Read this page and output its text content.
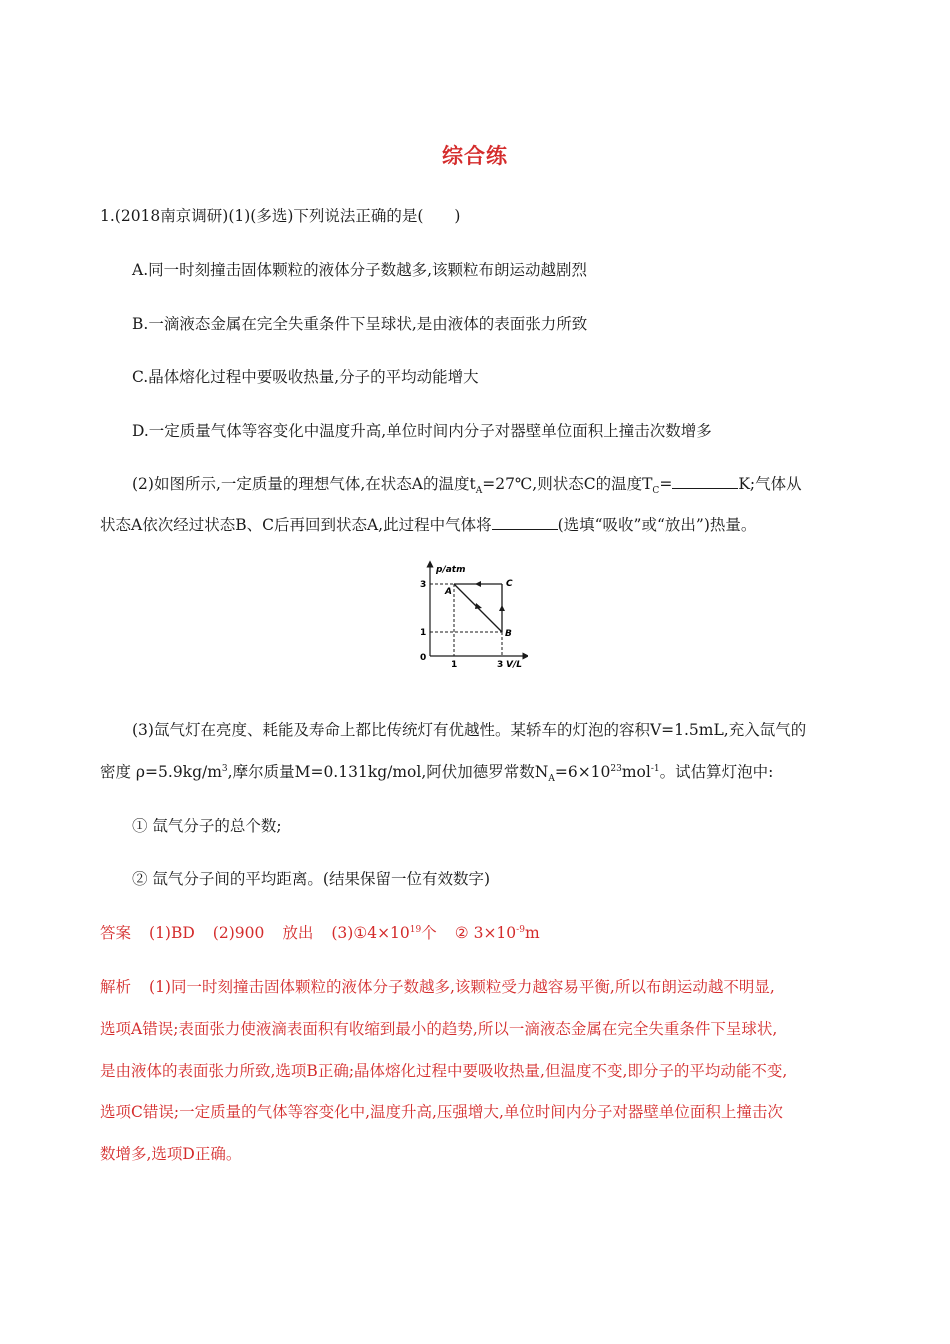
综合练
1.(2018南京调研)(1)(多选)下列说法正确的是(　　)
A.同一时刻撞击固体颗粒的液体分子数越多,该颗粒布朗运动越剧烈
B.一滴液态金属在完全失重条件下呈球状,是由液体的表面张力所致
C.晶体熔化过程中要吸收热量,分子的平均动能增大
D.一定质量气体等容变化中温度升高,单位时间内分子对器壁单位面积上撞击次数增多
(2)如图所示,一定质量的理想气体,在状态A的温度$t_A=27℃$,则状态C的温度$T_C=$	K;气体从
状态A依次经过状态B、C后再回到状态A,此过程中气体将	(选填“吸收”或“放出”)热量。
p/atm
3
1
0
1	3 V/L
A
B
C
(3)氙气灯在亮度、耗能及寿命上都比传统灯有优越性。某轿车的灯泡的容积V=1.5mL,充入氙气的
密度 $\rho=5.9kg/m^3$,摩尔质量M=0.131kg/mol,阿伏加德罗常数$N_A=6\times 10^{23}mol^{-1}$。试估算灯泡中:
① 氙气分子的总个数;
② 氙气分子间的平均距离。(结果保留一位有效数字)
答案 (1)BD (2)900 放出 $(3)①4\times 10^{19}$个 ② $3\times 10^{-9}m$
解析 (1)同一时刻撞击固体颗粒的液体分子数越多,该颗粒受力越容易平衡,所以布朗运动越不明显,
选项A错误;表面张力使液滴表面积有收缩到最小的趋势,所以一滴液态金属在完全失重条件下呈球状,
是由液体的表面张力所致,选项B正确;晶体熔化过程中要吸收热量,但温度不变,即分子的平均动能不变,
选项C错误;一定质量的气体等容变化中,温度升高,压强增大,单位时间内分子对器壁单位面积上撞击次
数增多,选项D正确。
